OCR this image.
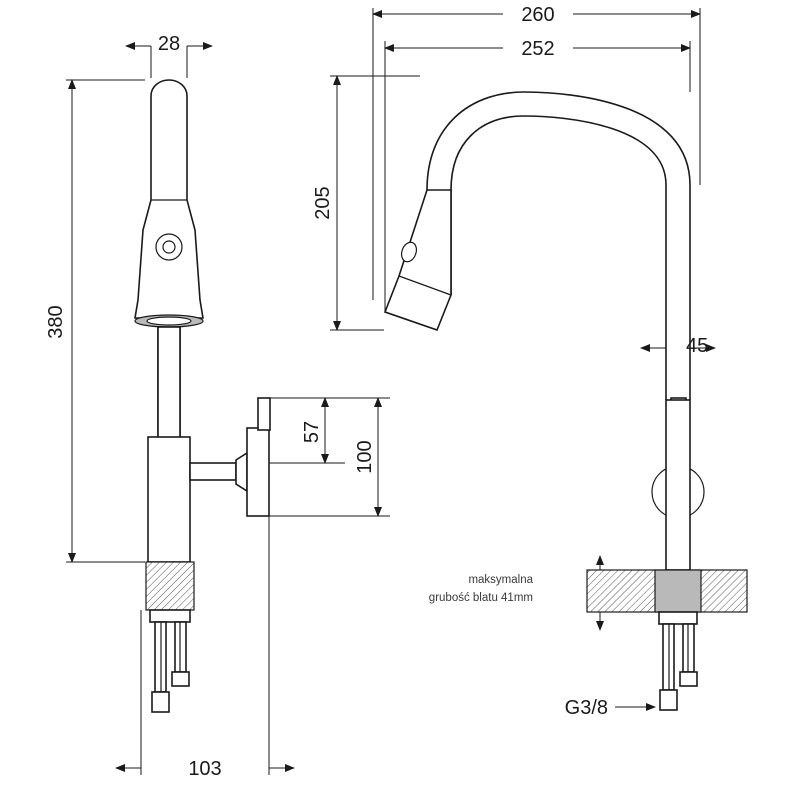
28
380
103
57
100
260
252
205
45
maksymalna
grubość blatu 41mm
G3/8
